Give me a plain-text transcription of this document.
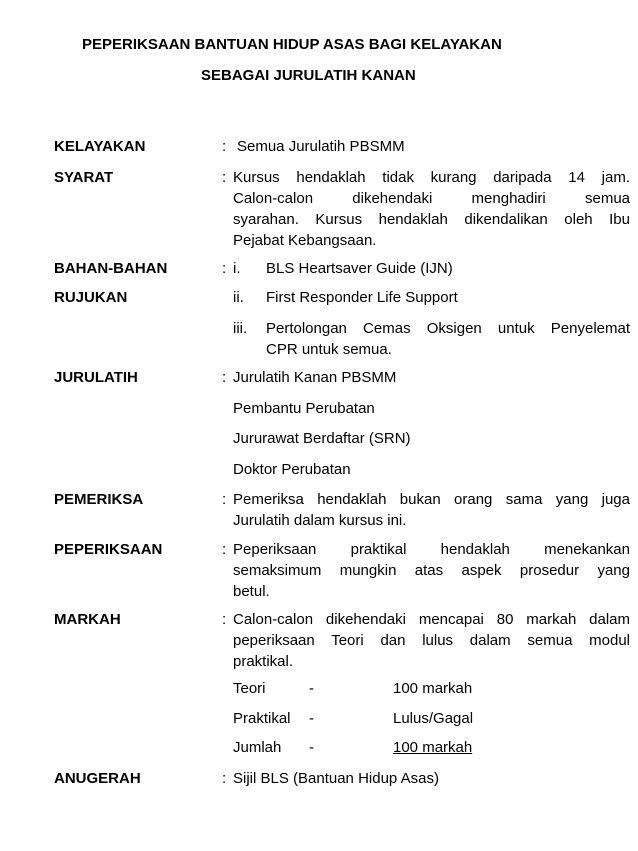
PEPERIKSAAN BANTUAN HIDUP ASAS BAGI KELAYAKAN
SEBAGAI JURULATIH KANAN
KELAYAKAN	: Semua Jurulatih PBSMM
SYARAT	: Kursus hendaklah tidak kurang daripada 14 jam.
Calon-calon dikehendaki menghadiri semua
syarahan. Kursus hendaklah dikendalikan oleh Ibu
Pejabat Kebangsaan.
BAHAN-BAHAN
RUJUKAN
: i. BLS Heartsaver Guide (IJN)
ii. First Responder Life Support
iii. Pertolongan Cemas Oksigen untuk Penyelemat
CPR untuk semua.
JURULATIH	: Jurulatih Kanan PBSMM
Pembantu Perubatan
Jururawat Berdaftar (SRN)
Doktor Perubatan
PEMERIKSA	: Pemeriksa hendaklah bukan orang sama yang juga
Jurulatih dalam kursus ini.
PEPERIKSAAN	: Peperiksaan praktikal hendaklah menekankan
semaksimum mungkin atas aspek prosedur yang
betul.
MARKAH	: Calon-calon dikehendaki mencapai 80 markah dalam
peperiksaan Teori dan lulus dalam semua modul
praktikal.
Teori	-	100 markah
Praktikal -	Lulus/Gagal
Jumlah -	100 markah
ANUGERAH	: Sijil BLS (Bantuan Hidup Asas)
